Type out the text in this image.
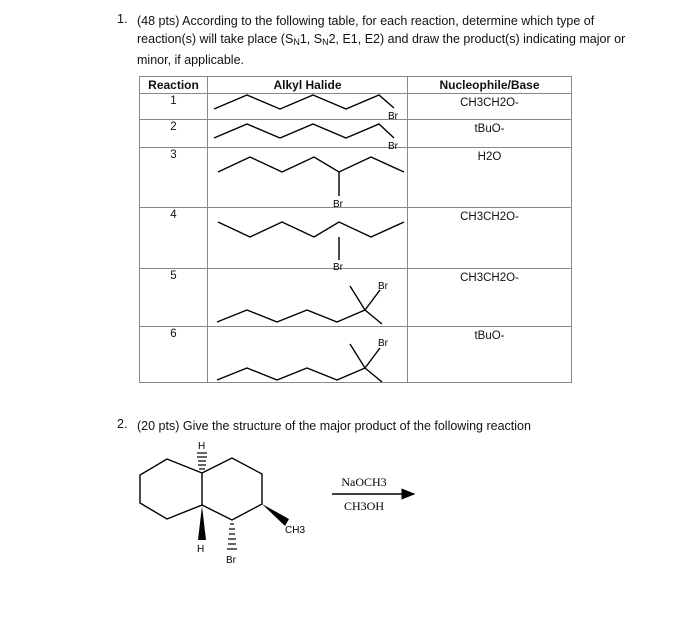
1. (48 pts) According to the following table, for each reaction, determine which type of reaction(s) will take place ($S_N1$, $S_N2$, E1, E2) and draw the product(s) indicating major or minor, if applicable.
Reaction	Alkyl Halide	Nucleophile/Base

1		CH3CH2O-

2		tBuO-

3		H2O

4		CH3CH2O-

5		CH3CH2O-

6		tBuO-
Br
Br
Br
Br
Br
Br
2. (20 pts) Give the structure of the major product of the following reaction
H
H
Br
CH3
NaOCH3
CH3OH
